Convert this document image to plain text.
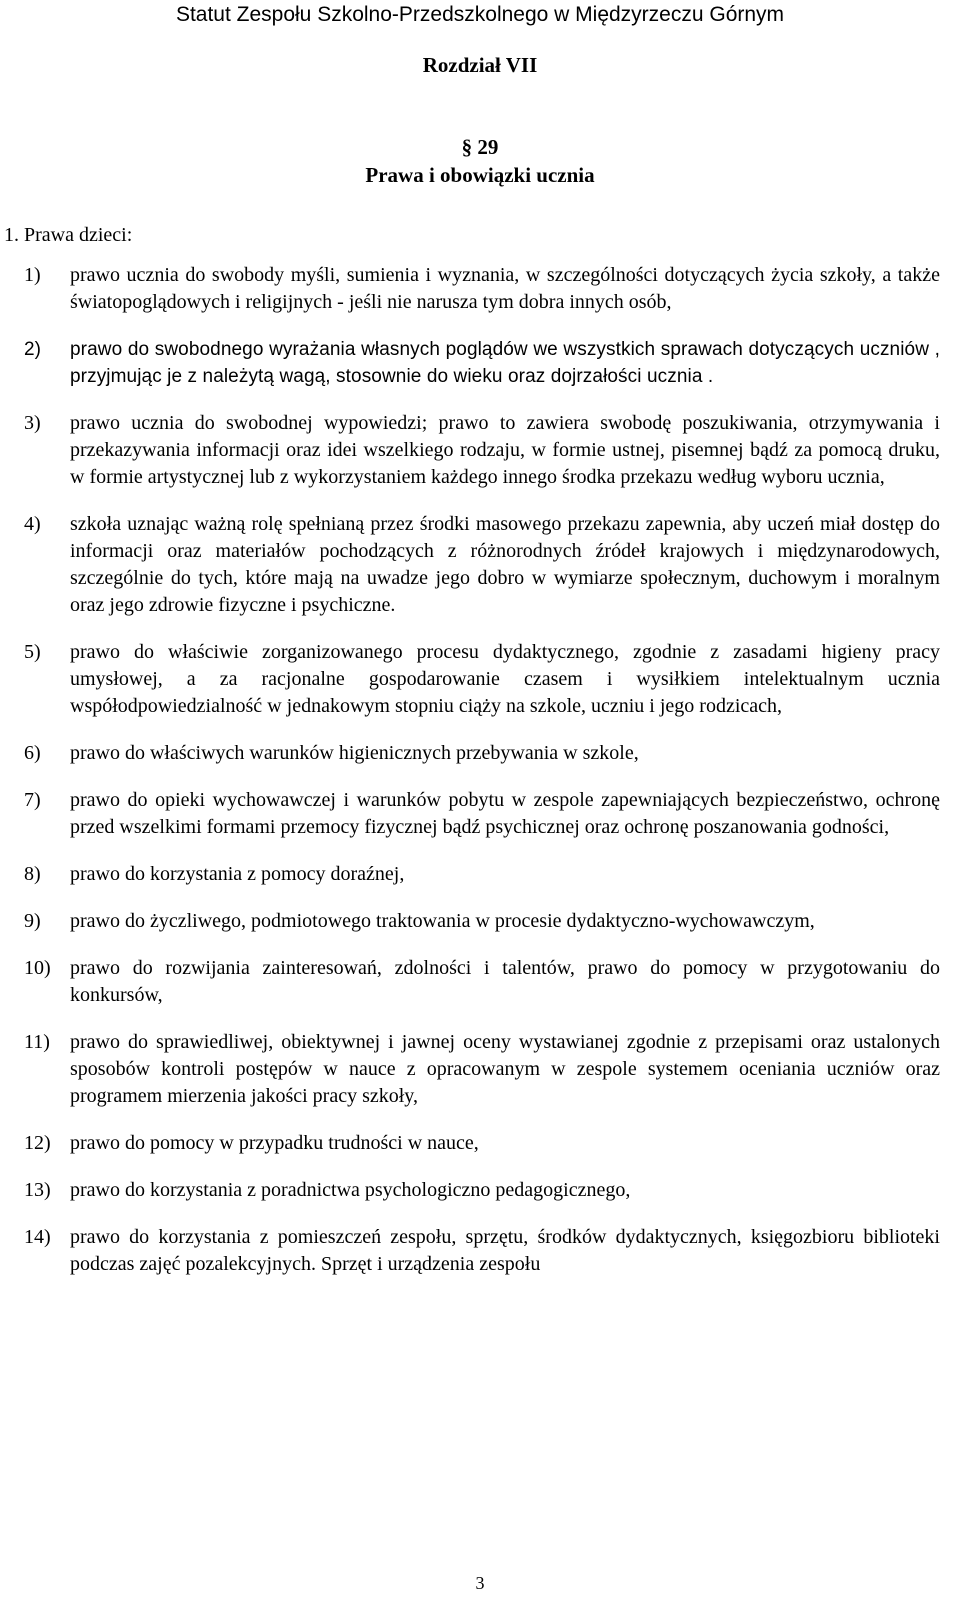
Statut Zespołu Szkolno-Przedszkolnego w Międzyrzeczu Górnym
Rozdział VII
§ 29
Prawa i obowiązki ucznia
1. Prawa dzieci:
1)	prawo ucznia do swobody myśli, sumienia i wyznania, w szczególności dotyczących życia szkoły, a także światopoglądowych i religijnych - jeśli nie narusza tym dobra innych osób,
2)	prawo do swobodnego wyrażania własnych poglądów we wszystkich sprawach dotyczących uczniów , przyjmując je z należytą wagą, stosownie do wieku oraz dojrzałości ucznia .
3)	prawo ucznia do swobodnej wypowiedzi; prawo to zawiera swobodę poszukiwania, otrzymywania i przekazywania informacji oraz idei wszelkiego rodzaju, w formie ustnej, pisemnej bądź za pomocą druku, w formie artystycznej lub z wykorzystaniem każdego innego środka przekazu według wyboru ucznia,
4)	szkoła uznając ważną rolę spełnianą przez środki masowego przekazu zapewnia, aby uczeń miał dostęp do informacji oraz materiałów pochodzących z różnorodnych źródeł krajowych i międzynarodowych, szczególnie do tych, które mają na uwadze jego dobro w wymiarze społecznym, duchowym i moralnym oraz jego zdrowie fizyczne i psychiczne.
5)	prawo do właściwie zorganizowanego procesu dydaktycznego, zgodnie z zasadami higieny pracy umysłowej, a za racjonalne gospodarowanie czasem i wysiłkiem intelektualnym ucznia współodpowiedzialność w jednakowym stopniu ciąży na szkole, uczniu i jego rodzicach,
6)	prawo do właściwych warunków higienicznych przebywania w szkole,
7)	prawo do opieki wychowawczej i warunków pobytu w zespole zapewniających bezpieczeństwo, ochronę przed wszelkimi formami przemocy fizycznej bądź psychicznej oraz ochronę poszanowania godności,
8)	prawo do korzystania z pomocy doraźnej,
9)	prawo do życzliwego, podmiotowego traktowania w procesie dydaktyczno-wychowawczym,
10) prawo do rozwijania zainteresowań, zdolności i talentów, prawo do pomocy w przygotowaniu do konkursów,
11)	prawo do sprawiedliwej, obiektywnej i jawnej oceny wystawianej zgodnie z przepisami oraz ustalonych sposobów kontroli postępów w nauce z opracowanym w zespole systemem oceniania uczniów oraz programem mierzenia jakości pracy szkoły,
12) prawo do pomocy w przypadku trudności w nauce,
13) prawo do korzystania z poradnictwa psychologiczno pedagogicznego,
14) prawo do korzystania z pomieszczeń zespołu, sprzętu, środków dydaktycznych, księgozbioru biblioteki podczas zajęć pozalekcyjnych. Sprzęt i urządzenia zespołu
3
